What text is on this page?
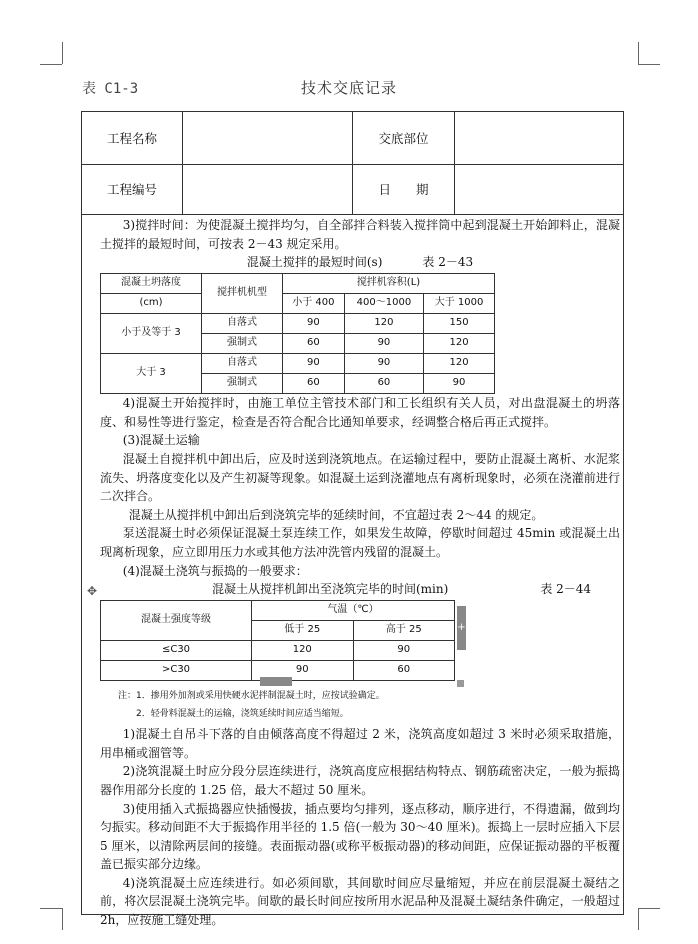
表 C1-3	技术交底记录
工程名称	交底部位
工程编号	日　　期

3)搅拌时间：为使混凝土搅拌均匀，自全部拌合料装入搅拌筒中起到混凝土开始卸料止，混凝土搅拌的最短时间，可按表 2－43 规定采用。

混凝土搅拌的最短时间(s)	表 2－43
混凝土坍落度	搅拌机机型	搅拌机容积(L)		
(cm)		小于 400	400～1000	大于 1000
小于及等于 3	自落式	90	120	150
	强制式	60	90	120
大于 3	自落式	90	90	120
	强制式	60	60	90

4)混凝土开始搅拌时，由施工单位主管技术部门和工长组织有关人员，对出盘混凝土的坍落度、和易性等进行鉴定，检查是否符合配合比通知单要求，经调整合格后再正式搅拌。

(3)混凝土运输

混凝土自搅拌机中卸出后，应及时送到浇筑地点。在运输过程中，要防止混凝土离析、水泥浆流失、坍落度变化以及产生初凝等现象。如混凝土运到浇灌地点有离析现象时，必须在浇灌前进行二次拌合。

混凝土从搅拌机中卸出后到浇筑完毕的延续时间，不宜超过表 2～44 的规定。

泵送混凝土时必须保证混凝土泵连续工作，如果发生故障，停歇时间超过 45min 或混凝土出现离析现象，应立即用压力水或其他方法冲洗管内残留的混凝土。

(4)混凝土浇筑与振捣的一般要求：

✥	混凝土从搅拌机卸出至浇筑完毕的时间(min)	表 2－44
混凝土强度等级	气温（℃）	
	低于 25	高于 25
≤C30	120	90
>C30	90	60
+
注：1．掺用外加剂或采用快硬水泥拌制混凝土时，应按试验确定。
2．轻骨料混凝土的运输，浇筑延续时间应适当缩短。

1)混凝土自吊斗下落的自由倾落高度不得超过 2 米，浇筑高度如超过 3 米时必须采取措施，用串桶或溜管等。

2)浇筑混凝土时应分段分层连续进行，浇筑高度应根据结构特点、钢筋疏密决定，一般为振捣器作用部分长度的 1.25 倍，最大不超过 50 厘米。

3)使用插入式振捣器应快插慢拔，插点要均匀排列，逐点移动，顺序进行，不得遗漏，做到均匀振实。移动间距不大于振捣作用半径的 1.5 倍(一般为 30～40 厘米)。振捣上一层时应插入下层 5 厘米，以清除两层间的接缝。表面振动器(或称平板振动器)的移动间距，应保证振动器的平板覆盖已振实部分边缘。

4)浇筑混凝土应连续进行。如必须间歇，其间歇时间应尽量缩短，并应在前层混凝土凝结之前，将次层混凝土浇筑完毕。间歇的最长时间应按所用水泥品种及混凝土凝结条件确定，一般超过 2h，应按施工缝处理。
